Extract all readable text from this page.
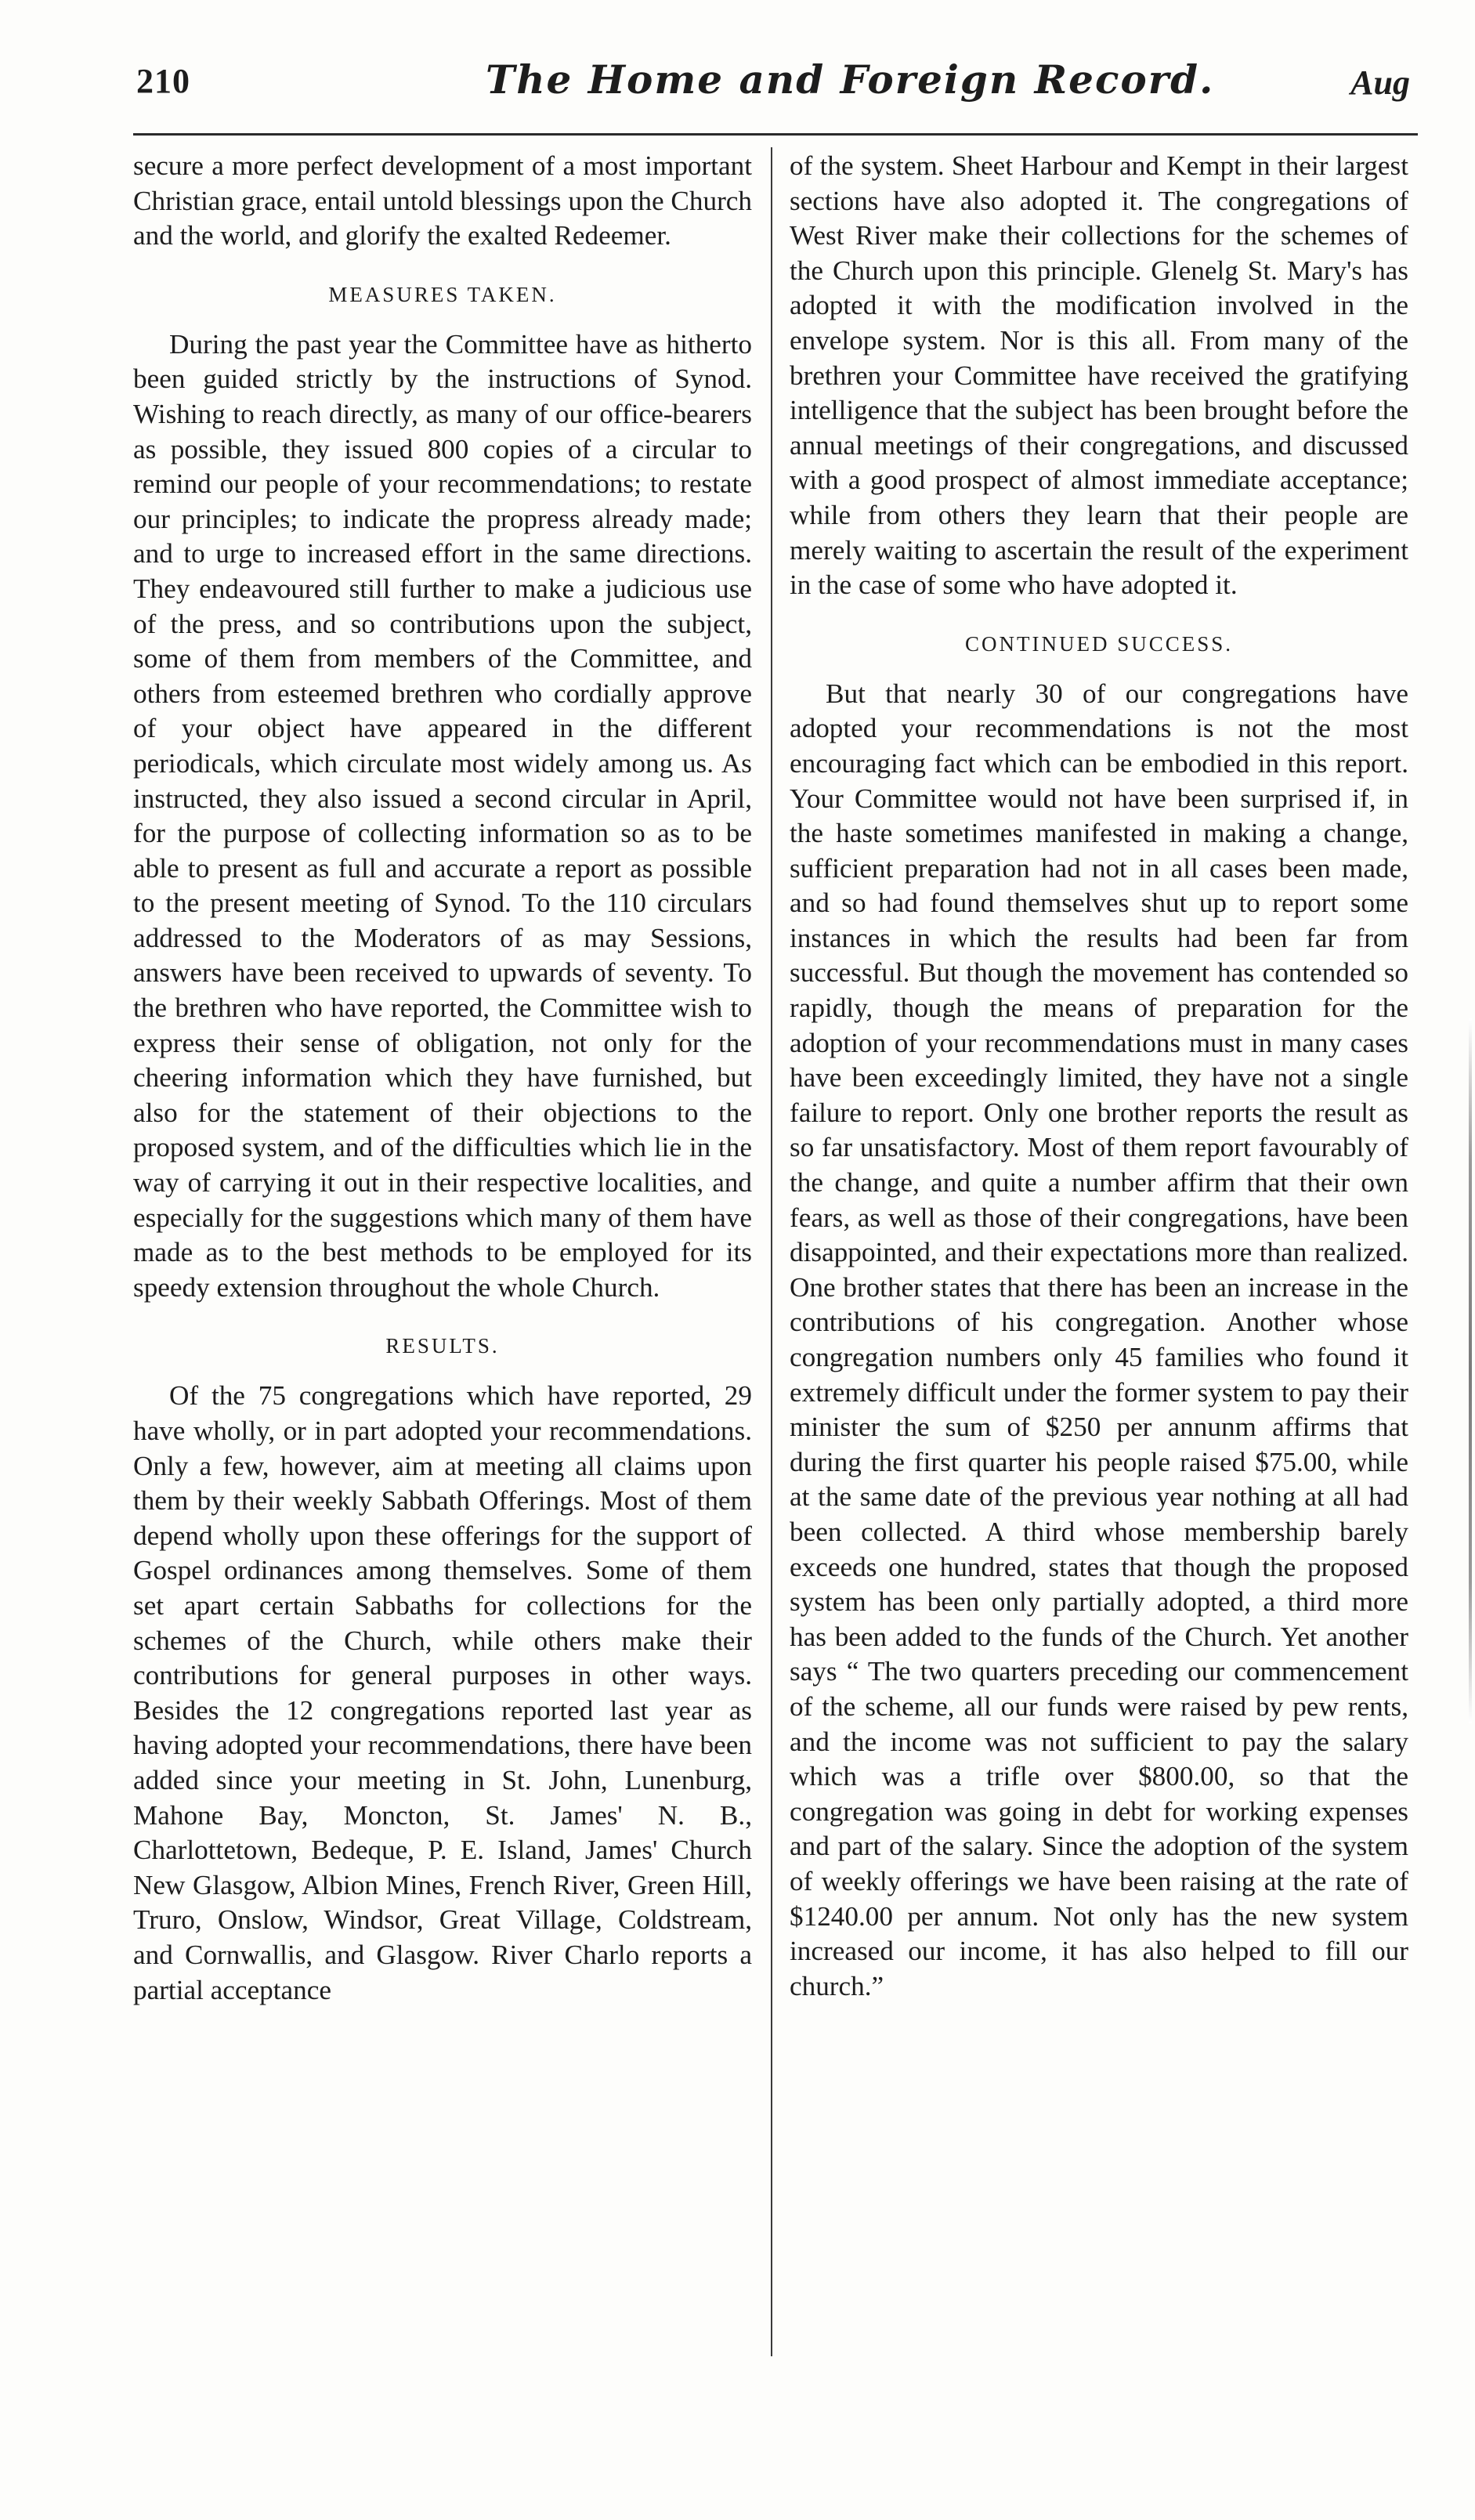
210	The Home and Foreign Record.	Aug

secure a more perfect development of a most important Christian grace, entail untold blessings upon the Church and the world, and glorify the exalted Redeemer.

MEASURES TAKEN.

During the past year the Committee have as hitherto been guided strictly by the instructions of Synod. Wishing to reach directly, as many of our office-bearers as possible, they issued 800 copies of a circular to remind our people of your recommendations; to restate our principles; to indicate the propress already made; and to urge to increased effort in the same directions. They endeavoured still further to make a judicious use of the press, and so contributions upon the subject, some of them from members of the Committee, and others from esteemed brethren who cordially approve of your object have appeared in the different periodicals, which circulate most widely among us. As instructed, they also issued a second circular in April, for the purpose of collecting information so as to be able to present as full and accurate a report as possible to the present meeting of Synod. To the 110 circulars addressed to the Moderators of as may Sessions, answers have been received to upwards of seventy. To the brethren who have reported, the Committee wish to express their sense of obligation, not only for the cheering information which they have furnished, but also for the statement of their objections to the proposed system, and of the difficulties which lie in the way of carrying it out in their respective localities, and especially for the suggestions which many of them have made as to the best methods to be employed for its speedy extension throughout the whole Church.

RESULTS.

Of the 75 congregations which have reported, 29 have wholly, or in part adopted your recommendations. Only a few, however, aim at meeting all claims upon them by their weekly Sabbath Offerings. Most of them depend wholly upon these offerings for the support of Gospel ordinances among themselves. Some of them set apart certain Sabbaths for collections for the schemes of the Church, while others make their contributions for general purposes in other ways. Besides the 12 congregations reported last year as having adopted your recommendations, there have been added since your meeting in St. John, Lunenburg, Mahone Bay, Moncton, St. James' N. B., Charlottetown, Bedeque, P. E. Island, James' Church New Glasgow, Albion Mines, French River, Green Hill, Truro, Onslow, Windsor, Great Village, Coldstream, and Cornwallis, and Glasgow. River Charlo reports a partial acceptance

of the system. Sheet Harbour and Kempt in their largest sections have also adopted it. The congregations of West River make their collections for the schemes of the Church upon this principle. Glenelg St. Mary's has adopted it with the modification involved in the envelope system. Nor is this all. From many of the brethren your Committee have received the gratifying intelligence that the subject has been brought before the annual meetings of their congregations, and discussed with a good prospect of almost immediate acceptance; while from others they learn that their people are merely waiting to ascertain the result of the experiment in the case of some who have adopted it.

CONTINUED SUCCESS.

But that nearly 30 of our congregations have adopted your recommendations is not the most encouraging fact which can be embodied in this report. Your Committee would not have been surprised if, in the haste sometimes manifested in making a change, sufficient preparation had not in all cases been made, and so had found themselves shut up to report some instances in which the results had been far from successful. But though the movement has contended so rapidly, though the means of preparation for the adoption of your recommendations must in many cases have been exceedingly limited, they have not a single failure to report. Only one brother reports the result as so far unsatisfactory. Most of them report favourably of the change, and quite a number affirm that their own fears, as well as those of their congregations, have been disappointed, and their expectations more than realized. One brother states that there has been an increase in the contributions of his congregation. Another whose congregation numbers only 45 families who found it extremely difficult under the former system to pay their minister the sum of $250 per annunm affirms that during the first quarter his people raised $75.00, while at the same date of the previous year nothing at all had been collected. A third whose membership barely exceeds one hundred, states that though the proposed system has been only partially adopted, a third more has been added to the funds of the Church. Yet another says “ The two quarters preceding our commencement of the scheme, all our funds were raised by pew rents, and the income was not sufficient to pay the salary which was a trifle over $800.00, so that the congregation was going in debt for working expenses and part of the salary. Since the adoption of the system of weekly offerings we have been raising at the rate of $1240.00 per annum. Not only has the new system increased our income, it has also helped to fill our church.”
